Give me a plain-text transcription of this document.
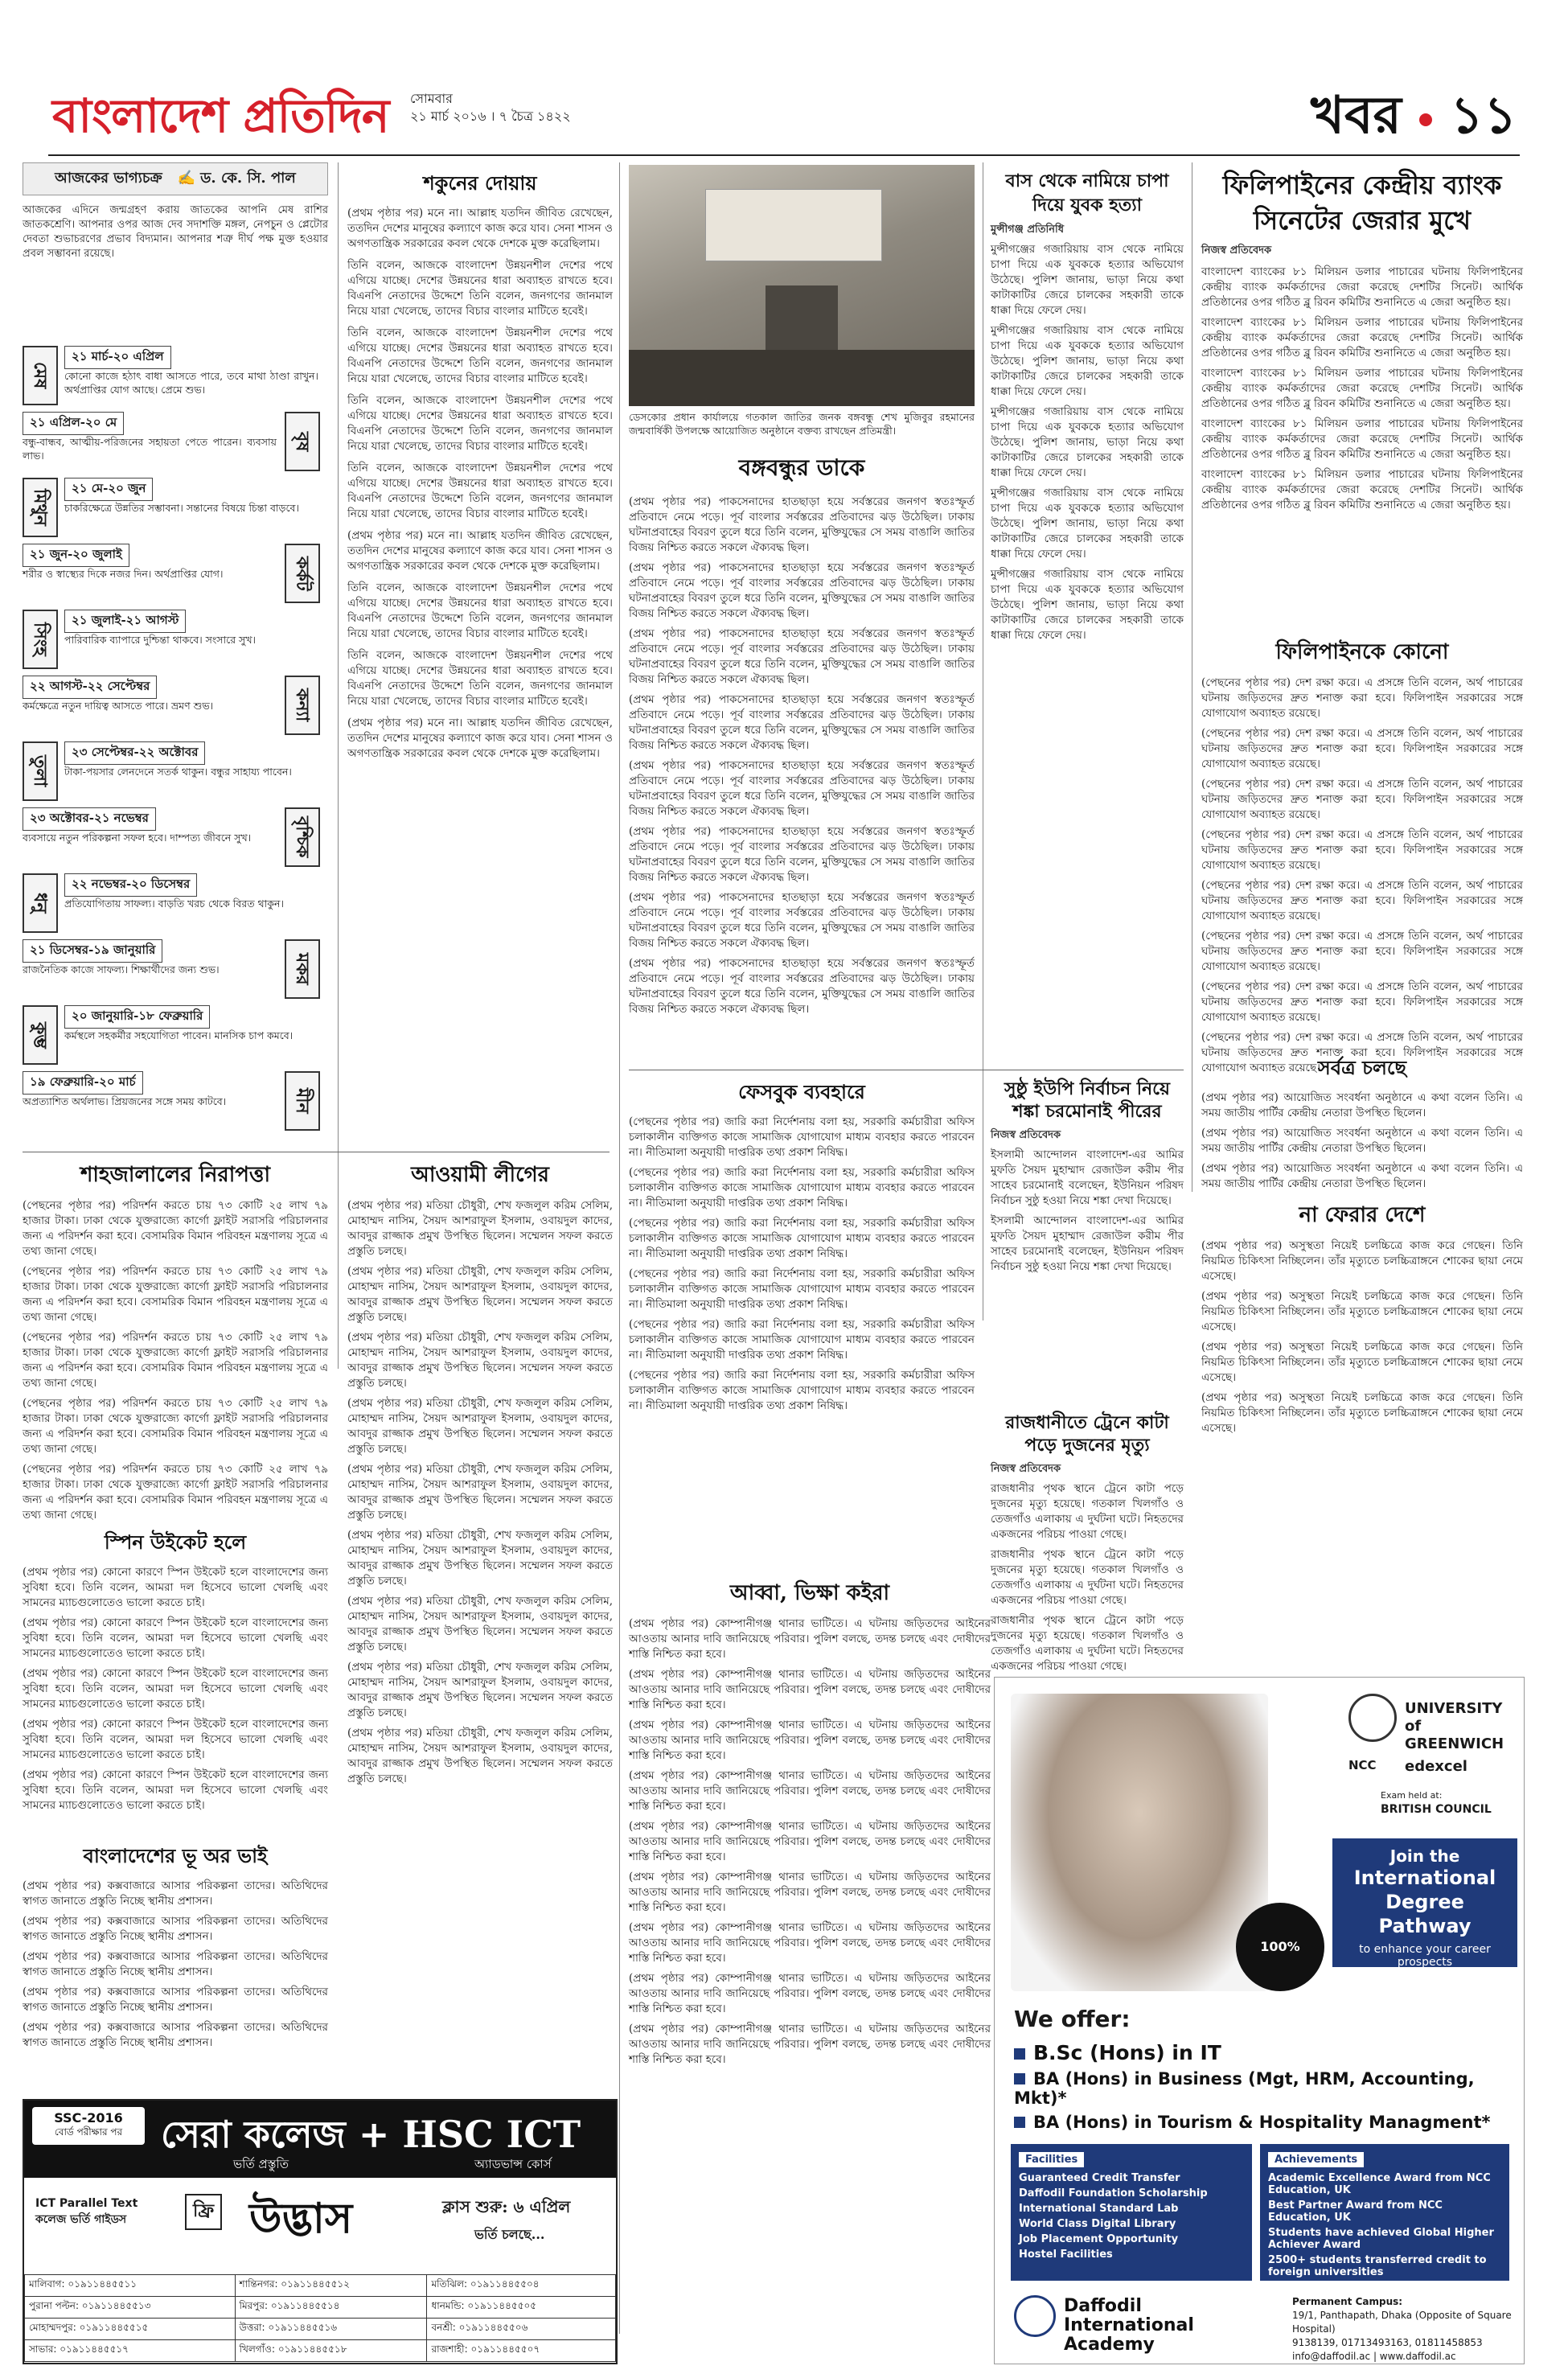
বাংলাদেশ প্রতিদিন সোমবার
২১ মার্চ ২০১৬ । ৭ চৈত্র ১৪২২	খবর ১১
আজকের ভাগ্যচক্র   ✍ ড. কে. সি. পাল
আজকের এদিনে জন্মগ্রহণ করায় জাতকের আপনি মেষ রাশির জাতকশ্রেণি। আপনার ওপর আজ দেব সদাশক্তি মঙ্গল, নেপচুন ও প্লেটোর দেবতা শুভাচরণের প্রভাব বিদ্যমান। আপনার শত্রু দীর্ঘ পক্ষ মুক্ত হওয়ার প্রবল সম্ভাবনা রয়েছে।
মেষ
২১ মার্চ-২০ এপ্রিল
কোনো কাজে হঠাৎ বাধা আসতে পারে, তবে মাথা ঠাণ্ডা রাখুন। অর্থপ্রাপ্তির যোগ আছে। প্রেমে শুভ।
বৃষ
২১ এপ্রিল-২০ মে
বন্ধু-বান্ধব, আত্মীয়-পরিজনের সহায়তা পেতে পারেন। ব্যবসায় লাভ।
মিথুন
২১ মে-২০ জুন
চাকরিক্ষেত্রে উন্নতির সম্ভাবনা। সন্তানের বিষয়ে চিন্তা বাড়বে।
কর্কট
২১ জুন-২০ জুলাই
শরীর ও স্বাস্থ্যের দিকে নজর দিন। অর্থপ্রাপ্তির যোগ।
সিংহ
২১ জুলাই-২১ আগস্ট
পারিবারিক ব্যাপারে দুশ্চিন্তা থাকবে। সংসারে সুখ।
কন্যা
২২ আগস্ট-২২ সেপ্টেম্বর
কর্মক্ষেত্রে নতুন দায়িত্ব আসতে পারে। ভ্রমণ শুভ।
তুলা
২৩ সেপ্টেম্বর-২২ অক্টোবর
টাকা-পয়সার লেনদেনে সতর্ক থাকুন। বন্ধুর সাহায্য পাবেন।
বৃশ্চিক
২৩ অক্টোবর-২১ নভেম্বর
ব্যবসায়ে নতুন পরিকল্পনা সফল হবে। দাম্পত্য জীবনে সুখ।
ধনু
২২ নভেম্বর-২০ ডিসেম্বর
প্রতিযোগিতায় সাফল্য। বাড়তি খরচ থেকে বিরত থাকুন।
মকর
২১ ডিসেম্বর-১৯ জানুয়ারি
রাজনৈতিক কাজে সাফল্য। শিক্ষার্থীদের জন্য শুভ।
কুম্ভ
২০ জানুয়ারি-১৮ ফেব্রুয়ারি
কর্মস্থলে সহকর্মীর সহযোগিতা পাবেন। মানসিক চাপ কমবে।
মীন
১৯ ফেব্রুয়ারি-২০ মার্চ
অপ্রত্যাশিত অর্থলাভ। প্রিয়জনের সঙ্গে সময় কাটবে।
শকুনের দোয়ায়
(প্রথম পৃষ্ঠার পর) মনে না। আল্লাহ যতদিন জীবিত রেখেছেন, ততদিন দেশের মানুষের কল্যাণে কাজ করে যাব। সেনা শাসন ও অগণতান্ত্রিক সরকারের কবল থেকে দেশকে মুক্ত করেছিলাম।
তিনি বলেন, আজকে বাংলাদেশ উন্নয়নশীল দেশের পথে এগিয়ে যাচ্ছে। দেশের উন্নয়নের ধারা অব্যাহত রাখতে হবে। বিএনপি নেতাদের উদ্দেশে তিনি বলেন, জনগণের জানমাল নিয়ে যারা খেলেছে, তাদের বিচার বাংলার মাটিতে হবেই।
তিনি বলেন, আজকে বাংলাদেশ উন্নয়নশীল দেশের পথে এগিয়ে যাচ্ছে। দেশের উন্নয়নের ধারা অব্যাহত রাখতে হবে। বিএনপি নেতাদের উদ্দেশে তিনি বলেন, জনগণের জানমাল নিয়ে যারা খেলেছে, তাদের বিচার বাংলার মাটিতে হবেই।
তিনি বলেন, আজকে বাংলাদেশ উন্নয়নশীল দেশের পথে এগিয়ে যাচ্ছে। দেশের উন্নয়নের ধারা অব্যাহত রাখতে হবে। বিএনপি নেতাদের উদ্দেশে তিনি বলেন, জনগণের জানমাল নিয়ে যারা খেলেছে, তাদের বিচার বাংলার মাটিতে হবেই।
তিনি বলেন, আজকে বাংলাদেশ উন্নয়নশীল দেশের পথে এগিয়ে যাচ্ছে। দেশের উন্নয়নের ধারা অব্যাহত রাখতে হবে। বিএনপি নেতাদের উদ্দেশে তিনি বলেন, জনগণের জানমাল নিয়ে যারা খেলেছে, তাদের বিচার বাংলার মাটিতে হবেই।
(প্রথম পৃষ্ঠার পর) মনে না। আল্লাহ যতদিন জীবিত রেখেছেন, ততদিন দেশের মানুষের কল্যাণে কাজ করে যাব। সেনা শাসন ও অগণতান্ত্রিক সরকারের কবল থেকে দেশকে মুক্ত করেছিলাম।
তিনি বলেন, আজকে বাংলাদেশ উন্নয়নশীল দেশের পথে এগিয়ে যাচ্ছে। দেশের উন্নয়নের ধারা অব্যাহত রাখতে হবে। বিএনপি নেতাদের উদ্দেশে তিনি বলেন, জনগণের জানমাল নিয়ে যারা খেলেছে, তাদের বিচার বাংলার মাটিতে হবেই।
তিনি বলেন, আজকে বাংলাদেশ উন্নয়নশীল দেশের পথে এগিয়ে যাচ্ছে। দেশের উন্নয়নের ধারা অব্যাহত রাখতে হবে। বিএনপি নেতাদের উদ্দেশে তিনি বলেন, জনগণের জানমাল নিয়ে যারা খেলেছে, তাদের বিচার বাংলার মাটিতে হবেই।
(প্রথম পৃষ্ঠার পর) মনে না। আল্লাহ যতদিন জীবিত রেখেছেন, ততদিন দেশের মানুষের কল্যাণে কাজ করে যাব। সেনা শাসন ও অগণতান্ত্রিক সরকারের কবল থেকে দেশকে মুক্ত করেছিলাম।
শাহজালালের নিরাপত্তা
(পেছনের পৃষ্ঠার পর) পরিদর্শন করতে চায় ৭৩ কোটি ২৫ লাখ ৭৯ হাজার টাকা। ঢাকা থেকে যুক্তরাজ্যে কার্গো ফ্লাইট সরাসরি পরিচালনার জন্য এ পরিদর্শন করা হবে। বেসামরিক বিমান পরিবহন মন্ত্রণালয় সূত্রে এ তথ্য জানা গেছে।
(পেছনের পৃষ্ঠার পর) পরিদর্শন করতে চায় ৭৩ কোটি ২৫ লাখ ৭৯ হাজার টাকা। ঢাকা থেকে যুক্তরাজ্যে কার্গো ফ্লাইট সরাসরি পরিচালনার জন্য এ পরিদর্শন করা হবে। বেসামরিক বিমান পরিবহন মন্ত্রণালয় সূত্রে এ তথ্য জানা গেছে।
(পেছনের পৃষ্ঠার পর) পরিদর্শন করতে চায় ৭৩ কোটি ২৫ লাখ ৭৯ হাজার টাকা। ঢাকা থেকে যুক্তরাজ্যে কার্গো ফ্লাইট সরাসরি পরিচালনার জন্য এ পরিদর্শন করা হবে। বেসামরিক বিমান পরিবহন মন্ত্রণালয় সূত্রে এ তথ্য জানা গেছে।
(পেছনের পৃষ্ঠার পর) পরিদর্শন করতে চায় ৭৩ কোটি ২৫ লাখ ৭৯ হাজার টাকা। ঢাকা থেকে যুক্তরাজ্যে কার্গো ফ্লাইট সরাসরি পরিচালনার জন্য এ পরিদর্শন করা হবে। বেসামরিক বিমান পরিবহন মন্ত্রণালয় সূত্রে এ তথ্য জানা গেছে।
(পেছনের পৃষ্ঠার পর) পরিদর্শন করতে চায় ৭৩ কোটি ২৫ লাখ ৭৯ হাজার টাকা। ঢাকা থেকে যুক্তরাজ্যে কার্গো ফ্লাইট সরাসরি পরিচালনার জন্য এ পরিদর্শন করা হবে। বেসামরিক বিমান পরিবহন মন্ত্রণালয় সূত্রে এ তথ্য জানা গেছে।
স্পিন উইকেট হলে
(প্রথম পৃষ্ঠার পর) কোনো কারণে স্পিন উইকেট হলে বাংলাদেশের জন্য সুবিধা হবে। তিনি বলেন, আমরা দল হিসেবে ভালো খেলছি এবং সামনের ম্যাচগুলোতেও ভালো করতে চাই।
(প্রথম পৃষ্ঠার পর) কোনো কারণে স্পিন উইকেট হলে বাংলাদেশের জন্য সুবিধা হবে। তিনি বলেন, আমরা দল হিসেবে ভালো খেলছি এবং সামনের ম্যাচগুলোতেও ভালো করতে চাই।
(প্রথম পৃষ্ঠার পর) কোনো কারণে স্পিন উইকেট হলে বাংলাদেশের জন্য সুবিধা হবে। তিনি বলেন, আমরা দল হিসেবে ভালো খেলছি এবং সামনের ম্যাচগুলোতেও ভালো করতে চাই।
(প্রথম পৃষ্ঠার পর) কোনো কারণে স্পিন উইকেট হলে বাংলাদেশের জন্য সুবিধা হবে। তিনি বলেন, আমরা দল হিসেবে ভালো খেলছি এবং সামনের ম্যাচগুলোতেও ভালো করতে চাই।
(প্রথম পৃষ্ঠার পর) কোনো কারণে স্পিন উইকেট হলে বাংলাদেশের জন্য সুবিধা হবে। তিনি বলেন, আমরা দল হিসেবে ভালো খেলছি এবং সামনের ম্যাচগুলোতেও ভালো করতে চাই।
বাংলাদেশের ভূ অর ভাই
(প্রথম পৃষ্ঠার পর) কক্সবাজারে আসার পরিকল্পনা তাদের। অতিথিদের স্বাগত জানাতে প্রস্তুতি নিচ্ছে স্থানীয় প্রশাসন।
(প্রথম পৃষ্ঠার পর) কক্সবাজারে আসার পরিকল্পনা তাদের। অতিথিদের স্বাগত জানাতে প্রস্তুতি নিচ্ছে স্থানীয় প্রশাসন।
(প্রথম পৃষ্ঠার পর) কক্সবাজারে আসার পরিকল্পনা তাদের। অতিথিদের স্বাগত জানাতে প্রস্তুতি নিচ্ছে স্থানীয় প্রশাসন।
(প্রথম পৃষ্ঠার পর) কক্সবাজারে আসার পরিকল্পনা তাদের। অতিথিদের স্বাগত জানাতে প্রস্তুতি নিচ্ছে স্থানীয় প্রশাসন।
(প্রথম পৃষ্ঠার পর) কক্সবাজারে আসার পরিকল্পনা তাদের। অতিথিদের স্বাগত জানাতে প্রস্তুতি নিচ্ছে স্থানীয় প্রশাসন।
আওয়ামী লীগের
(প্রথম পৃষ্ঠার পর) মতিয়া চৌধুরী, শেখ ফজলুল করিম সেলিম, মোহাম্মদ নাসিম, সৈয়দ আশরাফুল ইসলাম, ওবায়দুল কাদের, আবদুর রাজ্জাক প্রমুখ উপস্থিত ছিলেন। সম্মেলন সফল করতে প্রস্তুতি চলছে।
(প্রথম পৃষ্ঠার পর) মতিয়া চৌধুরী, শেখ ফজলুল করিম সেলিম, মোহাম্মদ নাসিম, সৈয়দ আশরাফুল ইসলাম, ওবায়দুল কাদের, আবদুর রাজ্জাক প্রমুখ উপস্থিত ছিলেন। সম্মেলন সফল করতে প্রস্তুতি চলছে।
(প্রথম পৃষ্ঠার পর) মতিয়া চৌধুরী, শেখ ফজলুল করিম সেলিম, মোহাম্মদ নাসিম, সৈয়দ আশরাফুল ইসলাম, ওবায়দুল কাদের, আবদুর রাজ্জাক প্রমুখ উপস্থিত ছিলেন। সম্মেলন সফল করতে প্রস্তুতি চলছে।
(প্রথম পৃষ্ঠার পর) মতিয়া চৌধুরী, শেখ ফজলুল করিম সেলিম, মোহাম্মদ নাসিম, সৈয়দ আশরাফুল ইসলাম, ওবায়দুল কাদের, আবদুর রাজ্জাক প্রমুখ উপস্থিত ছিলেন। সম্মেলন সফল করতে প্রস্তুতি চলছে।
(প্রথম পৃষ্ঠার পর) মতিয়া চৌধুরী, শেখ ফজলুল করিম সেলিম, মোহাম্মদ নাসিম, সৈয়দ আশরাফুল ইসলাম, ওবায়দুল কাদের, আবদুর রাজ্জাক প্রমুখ উপস্থিত ছিলেন। সম্মেলন সফল করতে প্রস্তুতি চলছে।
(প্রথম পৃষ্ঠার পর) মতিয়া চৌধুরী, শেখ ফজলুল করিম সেলিম, মোহাম্মদ নাসিম, সৈয়দ আশরাফুল ইসলাম, ওবায়দুল কাদের, আবদুর রাজ্জাক প্রমুখ উপস্থিত ছিলেন। সম্মেলন সফল করতে প্রস্তুতি চলছে।
(প্রথম পৃষ্ঠার পর) মতিয়া চৌধুরী, শেখ ফজলুল করিম সেলিম, মোহাম্মদ নাসিম, সৈয়দ আশরাফুল ইসলাম, ওবায়দুল কাদের, আবদুর রাজ্জাক প্রমুখ উপস্থিত ছিলেন। সম্মেলন সফল করতে প্রস্তুতি চলছে।
(প্রথম পৃষ্ঠার পর) মতিয়া চৌধুরী, শেখ ফজলুল করিম সেলিম, মোহাম্মদ নাসিম, সৈয়দ আশরাফুল ইসলাম, ওবায়দুল কাদের, আবদুর রাজ্জাক প্রমুখ উপস্থিত ছিলেন। সম্মেলন সফল করতে প্রস্তুতি চলছে।
(প্রথম পৃষ্ঠার পর) মতিয়া চৌধুরী, শেখ ফজলুল করিম সেলিম, মোহাম্মদ নাসিম, সৈয়দ আশরাফুল ইসলাম, ওবায়দুল কাদের, আবদুর রাজ্জাক প্রমুখ উপস্থিত ছিলেন। সম্মেলন সফল করতে প্রস্তুতি চলছে।
ডেসকোর প্রধান কার্যালয়ে গতকাল জাতির জনক বঙ্গবন্ধু শেখ মুজিবুর রহমানের জন্মবার্ষিকী উপলক্ষে আয়োজিত অনুষ্ঠানে বক্তব্য রাখছেন প্রতিমন্ত্রী।
বঙ্গবন্ধুর ডাকে
(প্রথম পৃষ্ঠার পর) পাকসেনাদের হাতছাড়া হয়ে সর্বস্তরের জনগণ স্বতঃস্ফূর্ত প্রতিবাদে নেমে পড়ে। পূর্ব বাংলার সর্বস্তরের প্রতিবাদের ঝড় উঠেছিল। ঢাকায় ঘটনাপ্রবাহের বিবরণ তুলে ধরে তিনি বলেন, মুক্তিযুদ্ধের সে সময় বাঙালি জাতির বিজয় নিশ্চিত করতে সকলে ঐক্যবদ্ধ ছিল।
(প্রথম পৃষ্ঠার পর) পাকসেনাদের হাতছাড়া হয়ে সর্বস্তরের জনগণ স্বতঃস্ফূর্ত প্রতিবাদে নেমে পড়ে। পূর্ব বাংলার সর্বস্তরের প্রতিবাদের ঝড় উঠেছিল। ঢাকায় ঘটনাপ্রবাহের বিবরণ তুলে ধরে তিনি বলেন, মুক্তিযুদ্ধের সে সময় বাঙালি জাতির বিজয় নিশ্চিত করতে সকলে ঐক্যবদ্ধ ছিল।
(প্রথম পৃষ্ঠার পর) পাকসেনাদের হাতছাড়া হয়ে সর্বস্তরের জনগণ স্বতঃস্ফূর্ত প্রতিবাদে নেমে পড়ে। পূর্ব বাংলার সর্বস্তরের প্রতিবাদের ঝড় উঠেছিল। ঢাকায় ঘটনাপ্রবাহের বিবরণ তুলে ধরে তিনি বলেন, মুক্তিযুদ্ধের সে সময় বাঙালি জাতির বিজয় নিশ্চিত করতে সকলে ঐক্যবদ্ধ ছিল।
(প্রথম পৃষ্ঠার পর) পাকসেনাদের হাতছাড়া হয়ে সর্বস্তরের জনগণ স্বতঃস্ফূর্ত প্রতিবাদে নেমে পড়ে। পূর্ব বাংলার সর্বস্তরের প্রতিবাদের ঝড় উঠেছিল। ঢাকায় ঘটনাপ্রবাহের বিবরণ তুলে ধরে তিনি বলেন, মুক্তিযুদ্ধের সে সময় বাঙালি জাতির বিজয় নিশ্চিত করতে সকলে ঐক্যবদ্ধ ছিল।
(প্রথম পৃষ্ঠার পর) পাকসেনাদের হাতছাড়া হয়ে সর্বস্তরের জনগণ স্বতঃস্ফূর্ত প্রতিবাদে নেমে পড়ে। পূর্ব বাংলার সর্বস্তরের প্রতিবাদের ঝড় উঠেছিল। ঢাকায় ঘটনাপ্রবাহের বিবরণ তুলে ধরে তিনি বলেন, মুক্তিযুদ্ধের সে সময় বাঙালি জাতির বিজয় নিশ্চিত করতে সকলে ঐক্যবদ্ধ ছিল।
(প্রথম পৃষ্ঠার পর) পাকসেনাদের হাতছাড়া হয়ে সর্বস্তরের জনগণ স্বতঃস্ফূর্ত প্রতিবাদে নেমে পড়ে। পূর্ব বাংলার সর্বস্তরের প্রতিবাদের ঝড় উঠেছিল। ঢাকায় ঘটনাপ্রবাহের বিবরণ তুলে ধরে তিনি বলেন, মুক্তিযুদ্ধের সে সময় বাঙালি জাতির বিজয় নিশ্চিত করতে সকলে ঐক্যবদ্ধ ছিল।
(প্রথম পৃষ্ঠার পর) পাকসেনাদের হাতছাড়া হয়ে সর্বস্তরের জনগণ স্বতঃস্ফূর্ত প্রতিবাদে নেমে পড়ে। পূর্ব বাংলার সর্বস্তরের প্রতিবাদের ঝড় উঠেছিল। ঢাকায় ঘটনাপ্রবাহের বিবরণ তুলে ধরে তিনি বলেন, মুক্তিযুদ্ধের সে সময় বাঙালি জাতির বিজয় নিশ্চিত করতে সকলে ঐক্যবদ্ধ ছিল।
(প্রথম পৃষ্ঠার পর) পাকসেনাদের হাতছাড়া হয়ে সর্বস্তরের জনগণ স্বতঃস্ফূর্ত প্রতিবাদে নেমে পড়ে। পূর্ব বাংলার সর্বস্তরের প্রতিবাদের ঝড় উঠেছিল। ঢাকায় ঘটনাপ্রবাহের বিবরণ তুলে ধরে তিনি বলেন, মুক্তিযুদ্ধের সে সময় বাঙালি জাতির বিজয় নিশ্চিত করতে সকলে ঐক্যবদ্ধ ছিল।
বাস থেকে নামিয়ে চাপা দিয়ে যুবক হত্যা
মুন্সীগঞ্জ প্রতিনিধি
মুন্সীগঞ্জের গজারিয়ায় বাস থেকে নামিয়ে চাপা দিয়ে এক যুবককে হত্যার অভিযোগ উঠেছে। পুলিশ জানায়, ভাড়া নিয়ে কথা কাটাকাটির জেরে চালকের সহকারী তাকে ধাক্কা দিয়ে ফেলে দেয়।
মুন্সীগঞ্জের গজারিয়ায় বাস থেকে নামিয়ে চাপা দিয়ে এক যুবককে হত্যার অভিযোগ উঠেছে। পুলিশ জানায়, ভাড়া নিয়ে কথা কাটাকাটির জেরে চালকের সহকারী তাকে ধাক্কা দিয়ে ফেলে দেয়।
মুন্সীগঞ্জের গজারিয়ায় বাস থেকে নামিয়ে চাপা দিয়ে এক যুবককে হত্যার অভিযোগ উঠেছে। পুলিশ জানায়, ভাড়া নিয়ে কথা কাটাকাটির জেরে চালকের সহকারী তাকে ধাক্কা দিয়ে ফেলে দেয়।
মুন্সীগঞ্জের গজারিয়ায় বাস থেকে নামিয়ে চাপা দিয়ে এক যুবককে হত্যার অভিযোগ উঠেছে। পুলিশ জানায়, ভাড়া নিয়ে কথা কাটাকাটির জেরে চালকের সহকারী তাকে ধাক্কা দিয়ে ফেলে দেয়।
মুন্সীগঞ্জের গজারিয়ায় বাস থেকে নামিয়ে চাপা দিয়ে এক যুবককে হত্যার অভিযোগ উঠেছে। পুলিশ জানায়, ভাড়া নিয়ে কথা কাটাকাটির জেরে চালকের সহকারী তাকে ধাক্কা দিয়ে ফেলে দেয়।
সুষ্ঠু ইউপি নির্বাচন নিয়ে শঙ্কা চরমোনাই পীরের
নিজস্ব প্রতিবেদক
ইসলামী আন্দোলন বাংলাদেশ-এর আমির মুফতি সৈয়দ মুহাম্মাদ রেজাউল করীম পীর সাহেব চরমোনাই বলেছেন, ইউনিয়ন পরিষদ নির্বাচন সুষ্ঠু হওয়া নিয়ে শঙ্কা দেখা দিয়েছে।
ইসলামী আন্দোলন বাংলাদেশ-এর আমির মুফতি সৈয়দ মুহাম্মাদ রেজাউল করীম পীর সাহেব চরমোনাই বলেছেন, ইউনিয়ন পরিষদ নির্বাচন সুষ্ঠু হওয়া নিয়ে শঙ্কা দেখা দিয়েছে।
রাজধানীতে ট্রেনে কাটা পড়ে দুজনের মৃত্যু
নিজস্ব প্রতিবেদক
রাজধানীর পৃথক স্থানে ট্রেনে কাটা পড়ে দুজনের মৃত্যু হয়েছে। গতকাল খিলগাঁও ও তেজগাঁও এলাকায় এ দুর্ঘটনা ঘটে। নিহতদের একজনের পরিচয় পাওয়া গেছে।
রাজধানীর পৃথক স্থানে ট্রেনে কাটা পড়ে দুজনের মৃত্যু হয়েছে। গতকাল খিলগাঁও ও তেজগাঁও এলাকায় এ দুর্ঘটনা ঘটে। নিহতদের একজনের পরিচয় পাওয়া গেছে।
রাজধানীর পৃথক স্থানে ট্রেনে কাটা পড়ে দুজনের মৃত্যু হয়েছে। গতকাল খিলগাঁও ও তেজগাঁও এলাকায় এ দুর্ঘটনা ঘটে। নিহতদের একজনের পরিচয় পাওয়া গেছে।
ফেসবুক ব্যবহারে
(পেছনের পৃষ্ঠার পর) জারি করা নির্দেশনায় বলা হয়, সরকারি কর্মচারীরা অফিস চলাকালীন ব্যক্তিগত কাজে সামাজিক যোগাযোগ মাধ্যম ব্যবহার করতে পারবেন না। নীতিমালা অনুযায়ী দাপ্তরিক তথ্য প্রকাশ নিষিদ্ধ।
(পেছনের পৃষ্ঠার পর) জারি করা নির্দেশনায় বলা হয়, সরকারি কর্মচারীরা অফিস চলাকালীন ব্যক্তিগত কাজে সামাজিক যোগাযোগ মাধ্যম ব্যবহার করতে পারবেন না। নীতিমালা অনুযায়ী দাপ্তরিক তথ্য প্রকাশ নিষিদ্ধ।
(পেছনের পৃষ্ঠার পর) জারি করা নির্দেশনায় বলা হয়, সরকারি কর্মচারীরা অফিস চলাকালীন ব্যক্তিগত কাজে সামাজিক যোগাযোগ মাধ্যম ব্যবহার করতে পারবেন না। নীতিমালা অনুযায়ী দাপ্তরিক তথ্য প্রকাশ নিষিদ্ধ।
(পেছনের পৃষ্ঠার পর) জারি করা নির্দেশনায় বলা হয়, সরকারি কর্মচারীরা অফিস চলাকালীন ব্যক্তিগত কাজে সামাজিক যোগাযোগ মাধ্যম ব্যবহার করতে পারবেন না। নীতিমালা অনুযায়ী দাপ্তরিক তথ্য প্রকাশ নিষিদ্ধ।
(পেছনের পৃষ্ঠার পর) জারি করা নির্দেশনায় বলা হয়, সরকারি কর্মচারীরা অফিস চলাকালীন ব্যক্তিগত কাজে সামাজিক যোগাযোগ মাধ্যম ব্যবহার করতে পারবেন না। নীতিমালা অনুযায়ী দাপ্তরিক তথ্য প্রকাশ নিষিদ্ধ।
(পেছনের পৃষ্ঠার পর) জারি করা নির্দেশনায় বলা হয়, সরকারি কর্মচারীরা অফিস চলাকালীন ব্যক্তিগত কাজে সামাজিক যোগাযোগ মাধ্যম ব্যবহার করতে পারবেন না। নীতিমালা অনুযায়ী দাপ্তরিক তথ্য প্রকাশ নিষিদ্ধ।
আব্বা, ভিক্ষা কইরা
(প্রথম পৃষ্ঠার পর) কোম্পানীগঞ্জ থানার ভাটিতে। এ ঘটনায় জড়িতদের আইনের আওতায় আনার দাবি জানিয়েছে পরিবার। পুলিশ বলছে, তদন্ত চলছে এবং দোষীদের শাস্তি নিশ্চিত করা হবে।
(প্রথম পৃষ্ঠার পর) কোম্পানীগঞ্জ থানার ভাটিতে। এ ঘটনায় জড়িতদের আইনের আওতায় আনার দাবি জানিয়েছে পরিবার। পুলিশ বলছে, তদন্ত চলছে এবং দোষীদের শাস্তি নিশ্চিত করা হবে।
(প্রথম পৃষ্ঠার পর) কোম্পানীগঞ্জ থানার ভাটিতে। এ ঘটনায় জড়িতদের আইনের আওতায় আনার দাবি জানিয়েছে পরিবার। পুলিশ বলছে, তদন্ত চলছে এবং দোষীদের শাস্তি নিশ্চিত করা হবে।
(প্রথম পৃষ্ঠার পর) কোম্পানীগঞ্জ থানার ভাটিতে। এ ঘটনায় জড়িতদের আইনের আওতায় আনার দাবি জানিয়েছে পরিবার। পুলিশ বলছে, তদন্ত চলছে এবং দোষীদের শাস্তি নিশ্চিত করা হবে।
(প্রথম পৃষ্ঠার পর) কোম্পানীগঞ্জ থানার ভাটিতে। এ ঘটনায় জড়িতদের আইনের আওতায় আনার দাবি জানিয়েছে পরিবার। পুলিশ বলছে, তদন্ত চলছে এবং দোষীদের শাস্তি নিশ্চিত করা হবে।
(প্রথম পৃষ্ঠার পর) কোম্পানীগঞ্জ থানার ভাটিতে। এ ঘটনায় জড়িতদের আইনের আওতায় আনার দাবি জানিয়েছে পরিবার। পুলিশ বলছে, তদন্ত চলছে এবং দোষীদের শাস্তি নিশ্চিত করা হবে।
(প্রথম পৃষ্ঠার পর) কোম্পানীগঞ্জ থানার ভাটিতে। এ ঘটনায় জড়িতদের আইনের আওতায় আনার দাবি জানিয়েছে পরিবার। পুলিশ বলছে, তদন্ত চলছে এবং দোষীদের শাস্তি নিশ্চিত করা হবে।
(প্রথম পৃষ্ঠার পর) কোম্পানীগঞ্জ থানার ভাটিতে। এ ঘটনায় জড়িতদের আইনের আওতায় আনার দাবি জানিয়েছে পরিবার। পুলিশ বলছে, তদন্ত চলছে এবং দোষীদের শাস্তি নিশ্চিত করা হবে।
(প্রথম পৃষ্ঠার পর) কোম্পানীগঞ্জ থানার ভাটিতে। এ ঘটনায় জড়িতদের আইনের আওতায় আনার দাবি জানিয়েছে পরিবার। পুলিশ বলছে, তদন্ত চলছে এবং দোষীদের শাস্তি নিশ্চিত করা হবে।
ফিলিপাইনের কেন্দ্রীয় ব্যাংক সিনেটের জেরার মুখে
নিজস্ব প্রতিবেদক
বাংলাদেশ ব্যাংকের ৮১ মিলিয়ন ডলার পাচারের ঘটনায় ফিলিপাইনের কেন্দ্রীয় ব্যাংক কর্মকর্তাদের জেরা করেছে দেশটির সিনেট। আর্থিক প্রতিষ্ঠানের ওপর গঠিত ব্লু রিবন কমিটির শুনানিতে এ জেরা অনুষ্ঠিত হয়।
বাংলাদেশ ব্যাংকের ৮১ মিলিয়ন ডলার পাচারের ঘটনায় ফিলিপাইনের কেন্দ্রীয় ব্যাংক কর্মকর্তাদের জেরা করেছে দেশটির সিনেট। আর্থিক প্রতিষ্ঠানের ওপর গঠিত ব্লু রিবন কমিটির শুনানিতে এ জেরা অনুষ্ঠিত হয়।
বাংলাদেশ ব্যাংকের ৮১ মিলিয়ন ডলার পাচারের ঘটনায় ফিলিপাইনের কেন্দ্রীয় ব্যাংক কর্মকর্তাদের জেরা করেছে দেশটির সিনেট। আর্থিক প্রতিষ্ঠানের ওপর গঠিত ব্লু রিবন কমিটির শুনানিতে এ জেরা অনুষ্ঠিত হয়।
বাংলাদেশ ব্যাংকের ৮১ মিলিয়ন ডলার পাচারের ঘটনায় ফিলিপাইনের কেন্দ্রীয় ব্যাংক কর্মকর্তাদের জেরা করেছে দেশটির সিনেট। আর্থিক প্রতিষ্ঠানের ওপর গঠিত ব্লু রিবন কমিটির শুনানিতে এ জেরা অনুষ্ঠিত হয়।
বাংলাদেশ ব্যাংকের ৮১ মিলিয়ন ডলার পাচারের ঘটনায় ফিলিপাইনের কেন্দ্রীয় ব্যাংক কর্মকর্তাদের জেরা করেছে দেশটির সিনেট। আর্থিক প্রতিষ্ঠানের ওপর গঠিত ব্লু রিবন কমিটির শুনানিতে এ জেরা অনুষ্ঠিত হয়।
ফিলিপাইনকে কোনো
(পেছনের পৃষ্ঠার পর) দেশ রক্ষা করে। এ প্রসঙ্গে তিনি বলেন, অর্থ পাচারের ঘটনায় জড়িতদের দ্রুত শনাক্ত করা হবে। ফিলিপাইন সরকারের সঙ্গে যোগাযোগ অব্যাহত রয়েছে।
(পেছনের পৃষ্ঠার পর) দেশ রক্ষা করে। এ প্রসঙ্গে তিনি বলেন, অর্থ পাচারের ঘটনায় জড়িতদের দ্রুত শনাক্ত করা হবে। ফিলিপাইন সরকারের সঙ্গে যোগাযোগ অব্যাহত রয়েছে।
(পেছনের পৃষ্ঠার পর) দেশ রক্ষা করে। এ প্রসঙ্গে তিনি বলেন, অর্থ পাচারের ঘটনায় জড়িতদের দ্রুত শনাক্ত করা হবে। ফিলিপাইন সরকারের সঙ্গে যোগাযোগ অব্যাহত রয়েছে।
(পেছনের পৃষ্ঠার পর) দেশ রক্ষা করে। এ প্রসঙ্গে তিনি বলেন, অর্থ পাচারের ঘটনায় জড়িতদের দ্রুত শনাক্ত করা হবে। ফিলিপাইন সরকারের সঙ্গে যোগাযোগ অব্যাহত রয়েছে।
(পেছনের পৃষ্ঠার পর) দেশ রক্ষা করে। এ প্রসঙ্গে তিনি বলেন, অর্থ পাচারের ঘটনায় জড়িতদের দ্রুত শনাক্ত করা হবে। ফিলিপাইন সরকারের সঙ্গে যোগাযোগ অব্যাহত রয়েছে।
(পেছনের পৃষ্ঠার পর) দেশ রক্ষা করে। এ প্রসঙ্গে তিনি বলেন, অর্থ পাচারের ঘটনায় জড়িতদের দ্রুত শনাক্ত করা হবে। ফিলিপাইন সরকারের সঙ্গে যোগাযোগ অব্যাহত রয়েছে।
(পেছনের পৃষ্ঠার পর) দেশ রক্ষা করে। এ প্রসঙ্গে তিনি বলেন, অর্থ পাচারের ঘটনায় জড়িতদের দ্রুত শনাক্ত করা হবে। ফিলিপাইন সরকারের সঙ্গে যোগাযোগ অব্যাহত রয়েছে।
(পেছনের পৃষ্ঠার পর) দেশ রক্ষা করে। এ প্রসঙ্গে তিনি বলেন, অর্থ পাচারের ঘটনায় জড়িতদের দ্রুত শনাক্ত করা হবে। ফিলিপাইন সরকারের সঙ্গে যোগাযোগ অব্যাহত রয়েছে।
সর্বত্র চলছে
(প্রথম পৃষ্ঠার পর) আয়োজিত সংবর্ধনা অনুষ্ঠানে এ কথা বলেন তিনি। এ সময় জাতীয় পার্টির কেন্দ্রীয় নেতারা উপস্থিত ছিলেন।
(প্রথম পৃষ্ঠার পর) আয়োজিত সংবর্ধনা অনুষ্ঠানে এ কথা বলেন তিনি। এ সময় জাতীয় পার্টির কেন্দ্রীয় নেতারা উপস্থিত ছিলেন।
(প্রথম পৃষ্ঠার পর) আয়োজিত সংবর্ধনা অনুষ্ঠানে এ কথা বলেন তিনি। এ সময় জাতীয় পার্টির কেন্দ্রীয় নেতারা উপস্থিত ছিলেন।
না ফেরার দেশে
(প্রথম পৃষ্ঠার পর) অসুস্থতা নিয়েই চলচ্চিত্রে কাজ করে গেছেন। তিনি নিয়মিত চিকিৎসা নিচ্ছিলেন। তাঁর মৃত্যুতে চলচ্চিত্রাঙ্গনে শোকের ছায়া নেমে এসেছে।
(প্রথম পৃষ্ঠার পর) অসুস্থতা নিয়েই চলচ্চিত্রে কাজ করে গেছেন। তিনি নিয়মিত চিকিৎসা নিচ্ছিলেন। তাঁর মৃত্যুতে চলচ্চিত্রাঙ্গনে শোকের ছায়া নেমে এসেছে।
(প্রথম পৃষ্ঠার পর) অসুস্থতা নিয়েই চলচ্চিত্রে কাজ করে গেছেন। তিনি নিয়মিত চিকিৎসা নিচ্ছিলেন। তাঁর মৃত্যুতে চলচ্চিত্রাঙ্গনে শোকের ছায়া নেমে এসেছে।
(প্রথম পৃষ্ঠার পর) অসুস্থতা নিয়েই চলচ্চিত্রে কাজ করে গেছেন। তিনি নিয়মিত চিকিৎসা নিচ্ছিলেন। তাঁর মৃত্যুতে চলচ্চিত্রাঙ্গনে শোকের ছায়া নেমে এসেছে।
SSC-2016
বোর্ড পরীক্ষার পর	সেরা কলেজ + HSC ICT
ভর্তি প্রস্তুতি	অ্যাডভান্স কোর্স
ICT Parallel Text
কলেজ ভর্তি গাইডস	ফ্রি উদ্ভাস	ক্লাস শুরু: ৬ এপ্রিল
ভর্তি চলছে...
মালিবাগ: ০১৯১১৪৪৫৫১১	শান্তিনগর: ০১৯১১৪৪৫৫১২	মতিঝিল: ০১৯১১৪৪৫৫০৪
পুরানা পল্টন: ০১৯১১৪৪৫৫১৩	মিরপুর: ০১৯১১৪৪৫৫১৪	ধানমন্ডি: ০১৯১১৪৪৫৫০৫
মোহাম্মদপুর: ০১৯১১৪৪৫৫১৫	উত্তরা: ০১৯১১৪৪৫৫১৬	বনশ্রী: ০১৯১১৪৪৫৫০৬
সাভার: ০১৯১১৪৪৫৫১৭	খিলগাঁও: ০১৯১১৪৪৫৫১৮	রাজশাহী: ০১৯১১৪৪৫৫০৭
100% EMPLOYED
UNIVERSITY of GREENWICH
NCC edexcel
Exam held at:
BRITISH COUNCIL
Join the
International Degree Pathway
to enhance your career prospects
We offer:
B.Sc (Hons) in IT
BA (Hons) in Business (Mgt, HRM, Accounting, Mkt)*
BA (Hons) in Tourism & Hospitality Managment*
Facilities
Guaranteed Credit Transfer
Daffodil Foundation Scholarship
International Standard Lab
World Class Digital Library
Job Placement Opportunity
Hostel Facilities
Achievements
Academic Excellence Award from NCC Education, UK
Best Partner Award from NCC Education, UK
Students have achieved Global Higher Achiever Award
2500+ students transferred credit to foreign universities
Daffodil International Academy
Permanent Campus:
19/1, Panthapath, Dhaka (Opposite of Square Hospital)
9138139, 01713493163, 01811458853
info@daffodil.ac | www.daffodil.ac
